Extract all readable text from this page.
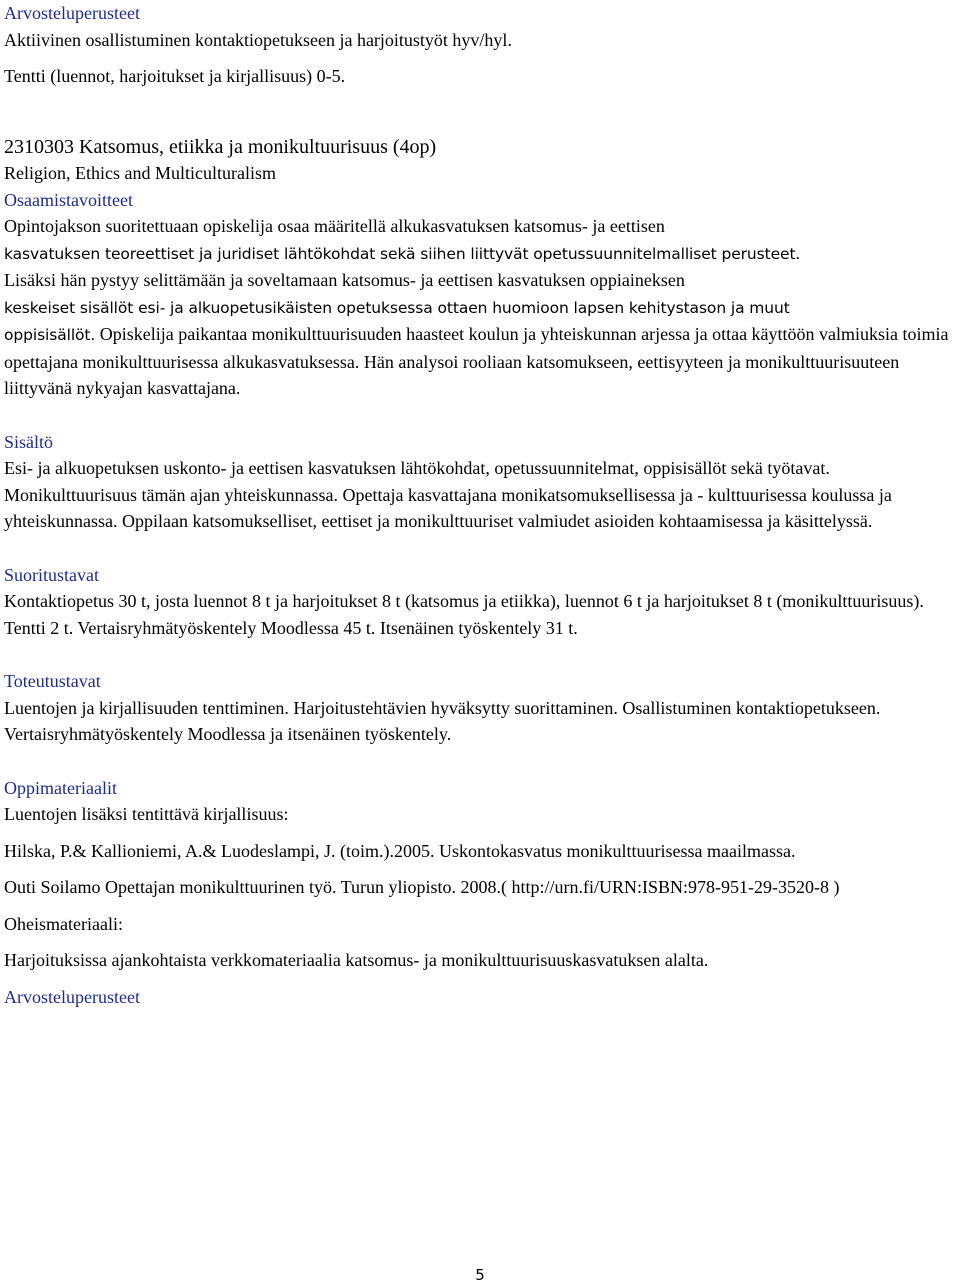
Arvosteluperusteet
Aktiivinen osallistuminen kontaktiopetukseen ja harjoitustyöt hyv/hyl.
Tentti (luennot, harjoitukset ja kirjallisuus) 0-5.
2310303 Katsomus, etiikka ja monikultuurisuus (4op)
Religion, Ethics and Multiculturalism
Osaamistavoitteet
Opintojakson suoritettuaan opiskelija osaa määritellä alkukasvatuksen katsomus- ja eettisen
kasvatuksen teoreettiset ja juridiset lähtökohdat sekä siihen liittyvät opetussuunnitelmalliset perusteet.
Lisäksi hän pystyy selittämään ja soveltamaan katsomus- ja eettisen kasvatuksen oppiaineksen
keskeiset sisällöt esi- ja alkuopetusikäisten opetuksessa ottaen huomioon lapsen kehitystason ja muut
oppisisällöt. Opiskelija paikantaa monikulttuurisuuden haasteet koulun ja yhteiskunnan arjessa ja ottaa käyttöön valmiuksia toimia opettajana monikulttuurisessa alkukasvatuksessa. Hän analysoi rooliaan katsomukseen, eettisyyteen ja monikulttuurisuuteen liittyvänä nykyajan kasvattajana.
Sisältö
Esi- ja alkuopetuksen uskonto- ja eettisen kasvatuksen lähtökohdat, opetussuunnitelmat, oppisisällöt sekä työtavat. Monikulttuurisuus tämän ajan yhteiskunnassa. Opettaja kasvattajana monikatsomuksellisessa ja - kulttuurisessa koulussa ja yhteiskunnassa. Oppilaan katsomukselliset, eettiset ja monikulttuuriset valmiudet asioiden kohtaamisessa ja käsittelyssä.
Suoritustavat
Kontaktiopetus 30 t, josta luennot 8 t ja harjoitukset 8 t (katsomus ja etiikka), luennot 6 t ja harjoitukset 8 t (monikulttuurisuus). Tentti 2 t. Vertaisryhmätyöskentely Moodlessa 45 t. Itsenäinen työskentely 31 t.
Toteutustavat
Luentojen ja kirjallisuuden tenttiminen. Harjoitustehtävien hyväksytty suorittaminen. Osallistuminen kontaktiopetukseen. Vertaisryhmätyöskentely Moodlessa ja itsenäinen työskentely.
Oppimateriaalit
Luentojen lisäksi tentittävä kirjallisuus:
Hilska, P.& Kallioniemi, A.& Luodeslampi, J. (toim.).2005. Uskontokasvatus monikulttuurisessa maailmassa.
Outi Soilamo Opettajan monikulttuurinen työ. Turun yliopisto. 2008.( http://urn.fi/URN:ISBN:978-951-29-3520-8 )
Oheismateriaali:
Harjoituksissa ajankohtaista verkkomateriaalia katsomus- ja monikulttuurisuuskasvatuksen alalta.
Arvosteluperusteet
5
